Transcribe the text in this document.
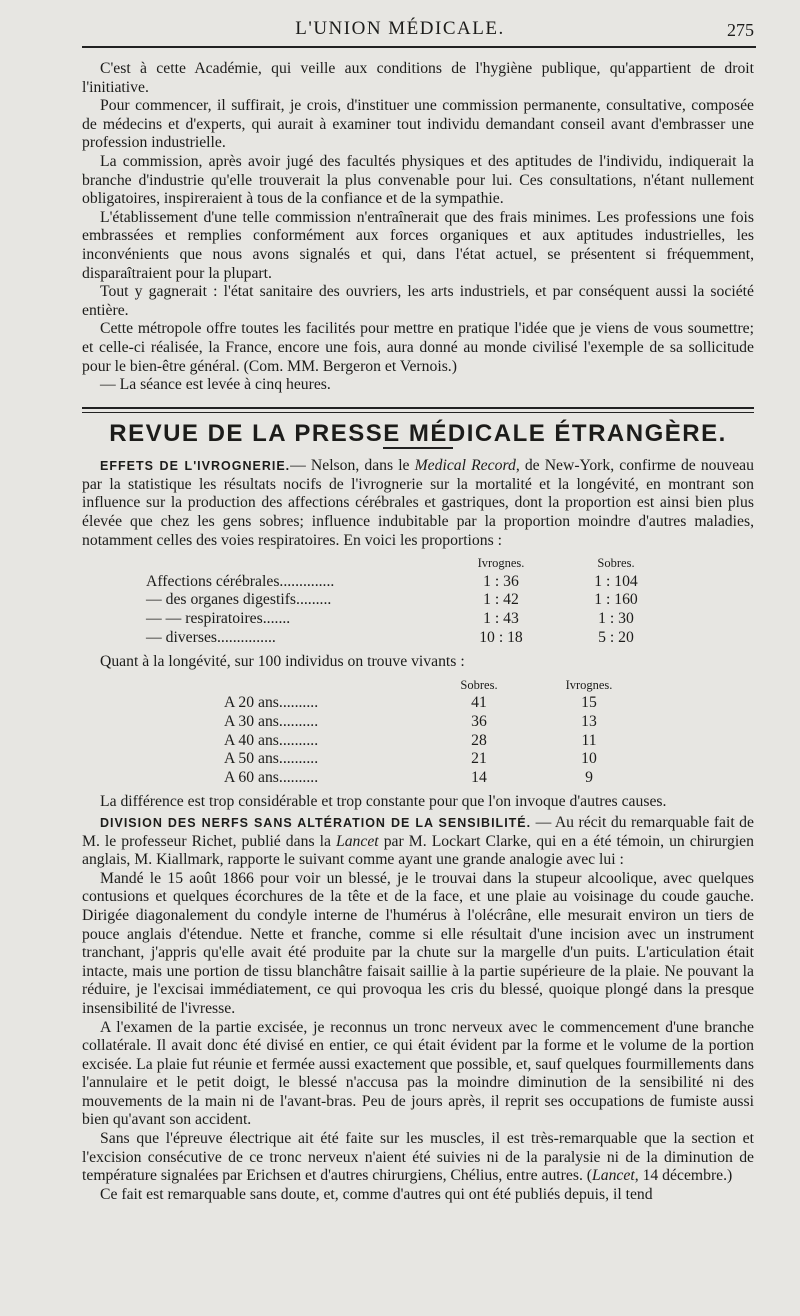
L'UNION MÉDICALE.	275

C'est à cette Académie, qui veille aux conditions de l'hygiène publique, qu'appartient de droit l'initiative.

Pour commencer, il suffirait, je crois, d'instituer une commission permanente, consultative, composée de médecins et d'experts, qui aurait à examiner tout individu demandant conseil avant d'embrasser une profession industrielle.

La commission, après avoir jugé des facultés physiques et des aptitudes de l'individu, indiquerait la branche d'industrie qu'elle trouverait la plus convenable pour lui. Ces consultations, n'étant nullement obligatoires, inspireraient à tous de la confiance et de la sympathie.

L'établissement d'une telle commission n'entraînerait que des frais minimes. Les professions une fois embrassées et remplies conformément aux forces organiques et aux aptitudes industrielles, les inconvénients que nous avons signalés et qui, dans l'état actuel, se présentent si fréquemment, disparaîtraient pour la plupart.

Tout y gagnerait : l'état sanitaire des ouvriers, les arts industriels, et par conséquent aussi la société entière.

Cette métropole offre toutes les facilités pour mettre en pratique l'idée que je viens de vous soumettre; et celle-ci réalisée, la France, encore une fois, aura donné au monde civilisé l'exemple de sa sollicitude pour le bien-être général. (Com. MM. Bergeron et Vernois.)

— La séance est levée à cinq heures.

REVUE DE LA PRESSE MÉDICALE ÉTRANGÈRE.

EFFETS DE L'IVROGNERIE.— Nelson, dans le Medical Record, de New-York, confirme de nouveau par la statistique les résultats nocifs de l'ivrognerie sur la mortalité et la longévité, en montrant son influence sur la production des affections cérébrales et gastriques, dont la proportion est ainsi bien plus élevée que chez les gens sobres; influence indubitable par la proportion moindre d'autres maladies, notamment celles des voies respiratoires. En voici les proportions :

	Ivrognes.	Sobres.
Affections cérébrales..............	1 : 36	1 : 104
— des organes digestifs.........	1 : 42	1 : 160
— — respiratoires.......	1 : 43	1 : 30
— diverses...............	10 : 18	5 : 20

Quant à la longévité, sur 100 individus on trouve vivants :

	Sobres.	Ivrognes.
A 20 ans..........	41	15
A 30 ans..........	36	13
A 40 ans..........	28	11
A 50 ans..........	21	10
A 60 ans..........	14	9

La différence est trop considérable et trop constante pour que l'on invoque d'autres causes.

DIVISION DES NERFS SANS ALTÉRATION DE LA SENSIBILITÉ. — Au récit du remarquable fait de M. le professeur Richet, publié dans la Lancet par M. Lockart Clarke, qui en a été témoin, un chirurgien anglais, M. Kiallmark, rapporte le suivant comme ayant une grande analogie avec lui :

Mandé le 15 août 1866 pour voir un blessé, je le trouvai dans la stupeur alcoolique, avec quelques contusions et quelques écorchures de la tête et de la face, et une plaie au voisinage du coude gauche. Dirigée diagonalement du condyle interne de l'humérus à l'olécrâne, elle mesurait environ un tiers de pouce anglais d'étendue. Nette et franche, comme si elle résultait d'une incision avec un instrument tranchant, j'appris qu'elle avait été produite par la chute sur la margelle d'un puits. L'articulation était intacte, mais une portion de tissu blanchâtre faisait saillie à la partie supérieure de la plaie. Ne pouvant la réduire, je l'excisai immédiatement, ce qui provoqua les cris du blessé, quoique plongé dans la presque insensibilité de l'ivresse.

A l'examen de la partie excisée, je reconnus un tronc nerveux avec le commencement d'une branche collatérale. Il avait donc été divisé en entier, ce qui était évident par la forme et le volume de la portion excisée. La plaie fut réunie et fermée aussi exactement que possible, et, sauf quelques fourmillements dans l'annulaire et le petit doigt, le blessé n'accusa pas la moindre diminution de la sensibilité ni des mouvements de la main ni de l'avant-bras. Peu de jours après, il reprit ses occupations de fumiste aussi bien qu'avant son accident.

Sans que l'épreuve électrique ait été faite sur les muscles, il est très-remarquable que la section et l'excision consécutive de ce tronc nerveux n'aient été suivies ni de la paralysie ni de la diminution de température signalées par Erichsen et d'autres chirurgiens, Chélius, entre autres. (Lancet, 14 décembre.)

Ce fait est remarquable sans doute, et, comme d'autres qui ont été publiés depuis, il tend
